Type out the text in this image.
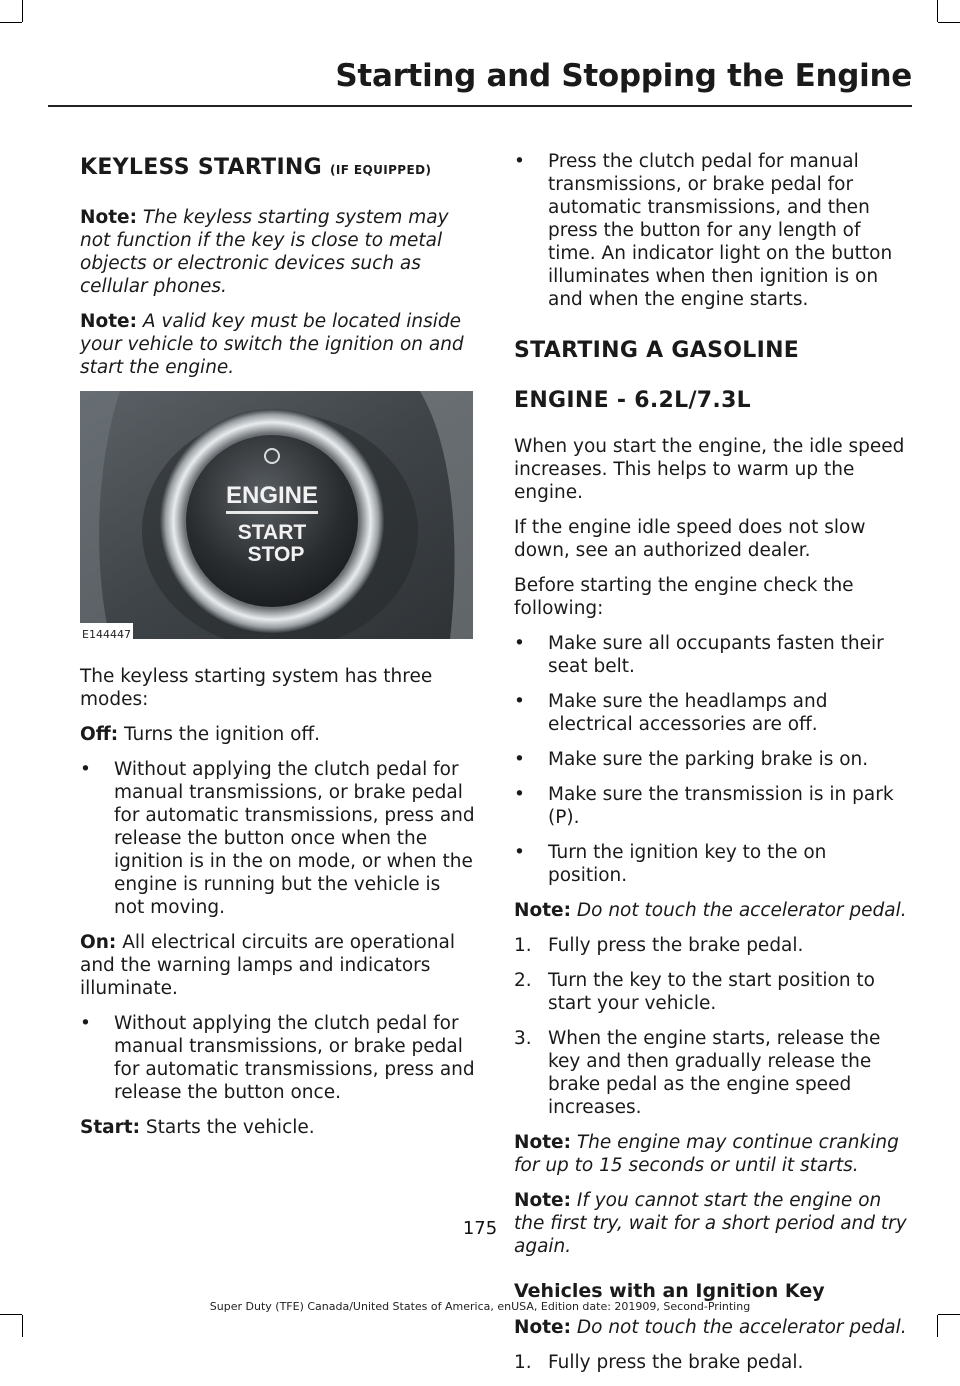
Starting and Stopping the Engine
KEYLESS STARTING (IF EQUIPPED)

Note: The keyless starting system may not function if the key is close to metal objects or electronic devices such as cellular phones.

Note: A valid key must be located inside your vehicle to switch the ignition on and start the engine.

ENGINE
START
STOP
E144447

The keyless starting system has three modes:

Off: Turns the ignition off.

• Without applying the clutch pedal for manual transmissions, or brake pedal for automatic transmissions, press and release the button once when the ignition is in the on mode, or when the engine is running but the vehicle is not moving.

On: All electrical circuits are operational and the warning lamps and indicators illuminate.

• Without applying the clutch pedal for manual transmissions, or brake pedal for automatic transmissions, press and release the button once.

Start: Starts the vehicle.

• Press the clutch pedal for manual transmissions, or brake pedal for automatic transmissions, and then press the button for any length of time. An indicator light on the button illuminates when then ignition is on and when the engine starts.
STARTING A GASOLINE
ENGINE - 6.2L/7.3L

When you start the engine, the idle speed increases. This helps to warm up the engine.

If the engine idle speed does not slow down, see an authorized dealer.

Before starting the engine check the following:

• Make sure all occupants fasten their seat belt.
• Make sure the headlamps and electrical accessories are off.
• Make sure the parking brake is on.
• Make sure the transmission is in park (P).
• Turn the ignition key to the on position.

Note: Do not touch the accelerator pedal.

1. Fully press the brake pedal.
2. Turn the key to the start position to start your vehicle.
3. When the engine starts, release the key and then gradually release the brake pedal as the engine speed increases.

Note: The engine may continue cranking for up to 15 seconds or until it starts.

Note: If you cannot start the engine on the first try, wait for a short period and try again.

Vehicles with an Ignition Key

Note: Do not touch the accelerator pedal.

1. Fully press the brake pedal.
175
Super Duty (TFE) Canada/United States of America, enUSA, Edition date: 201909, Second-Printing
